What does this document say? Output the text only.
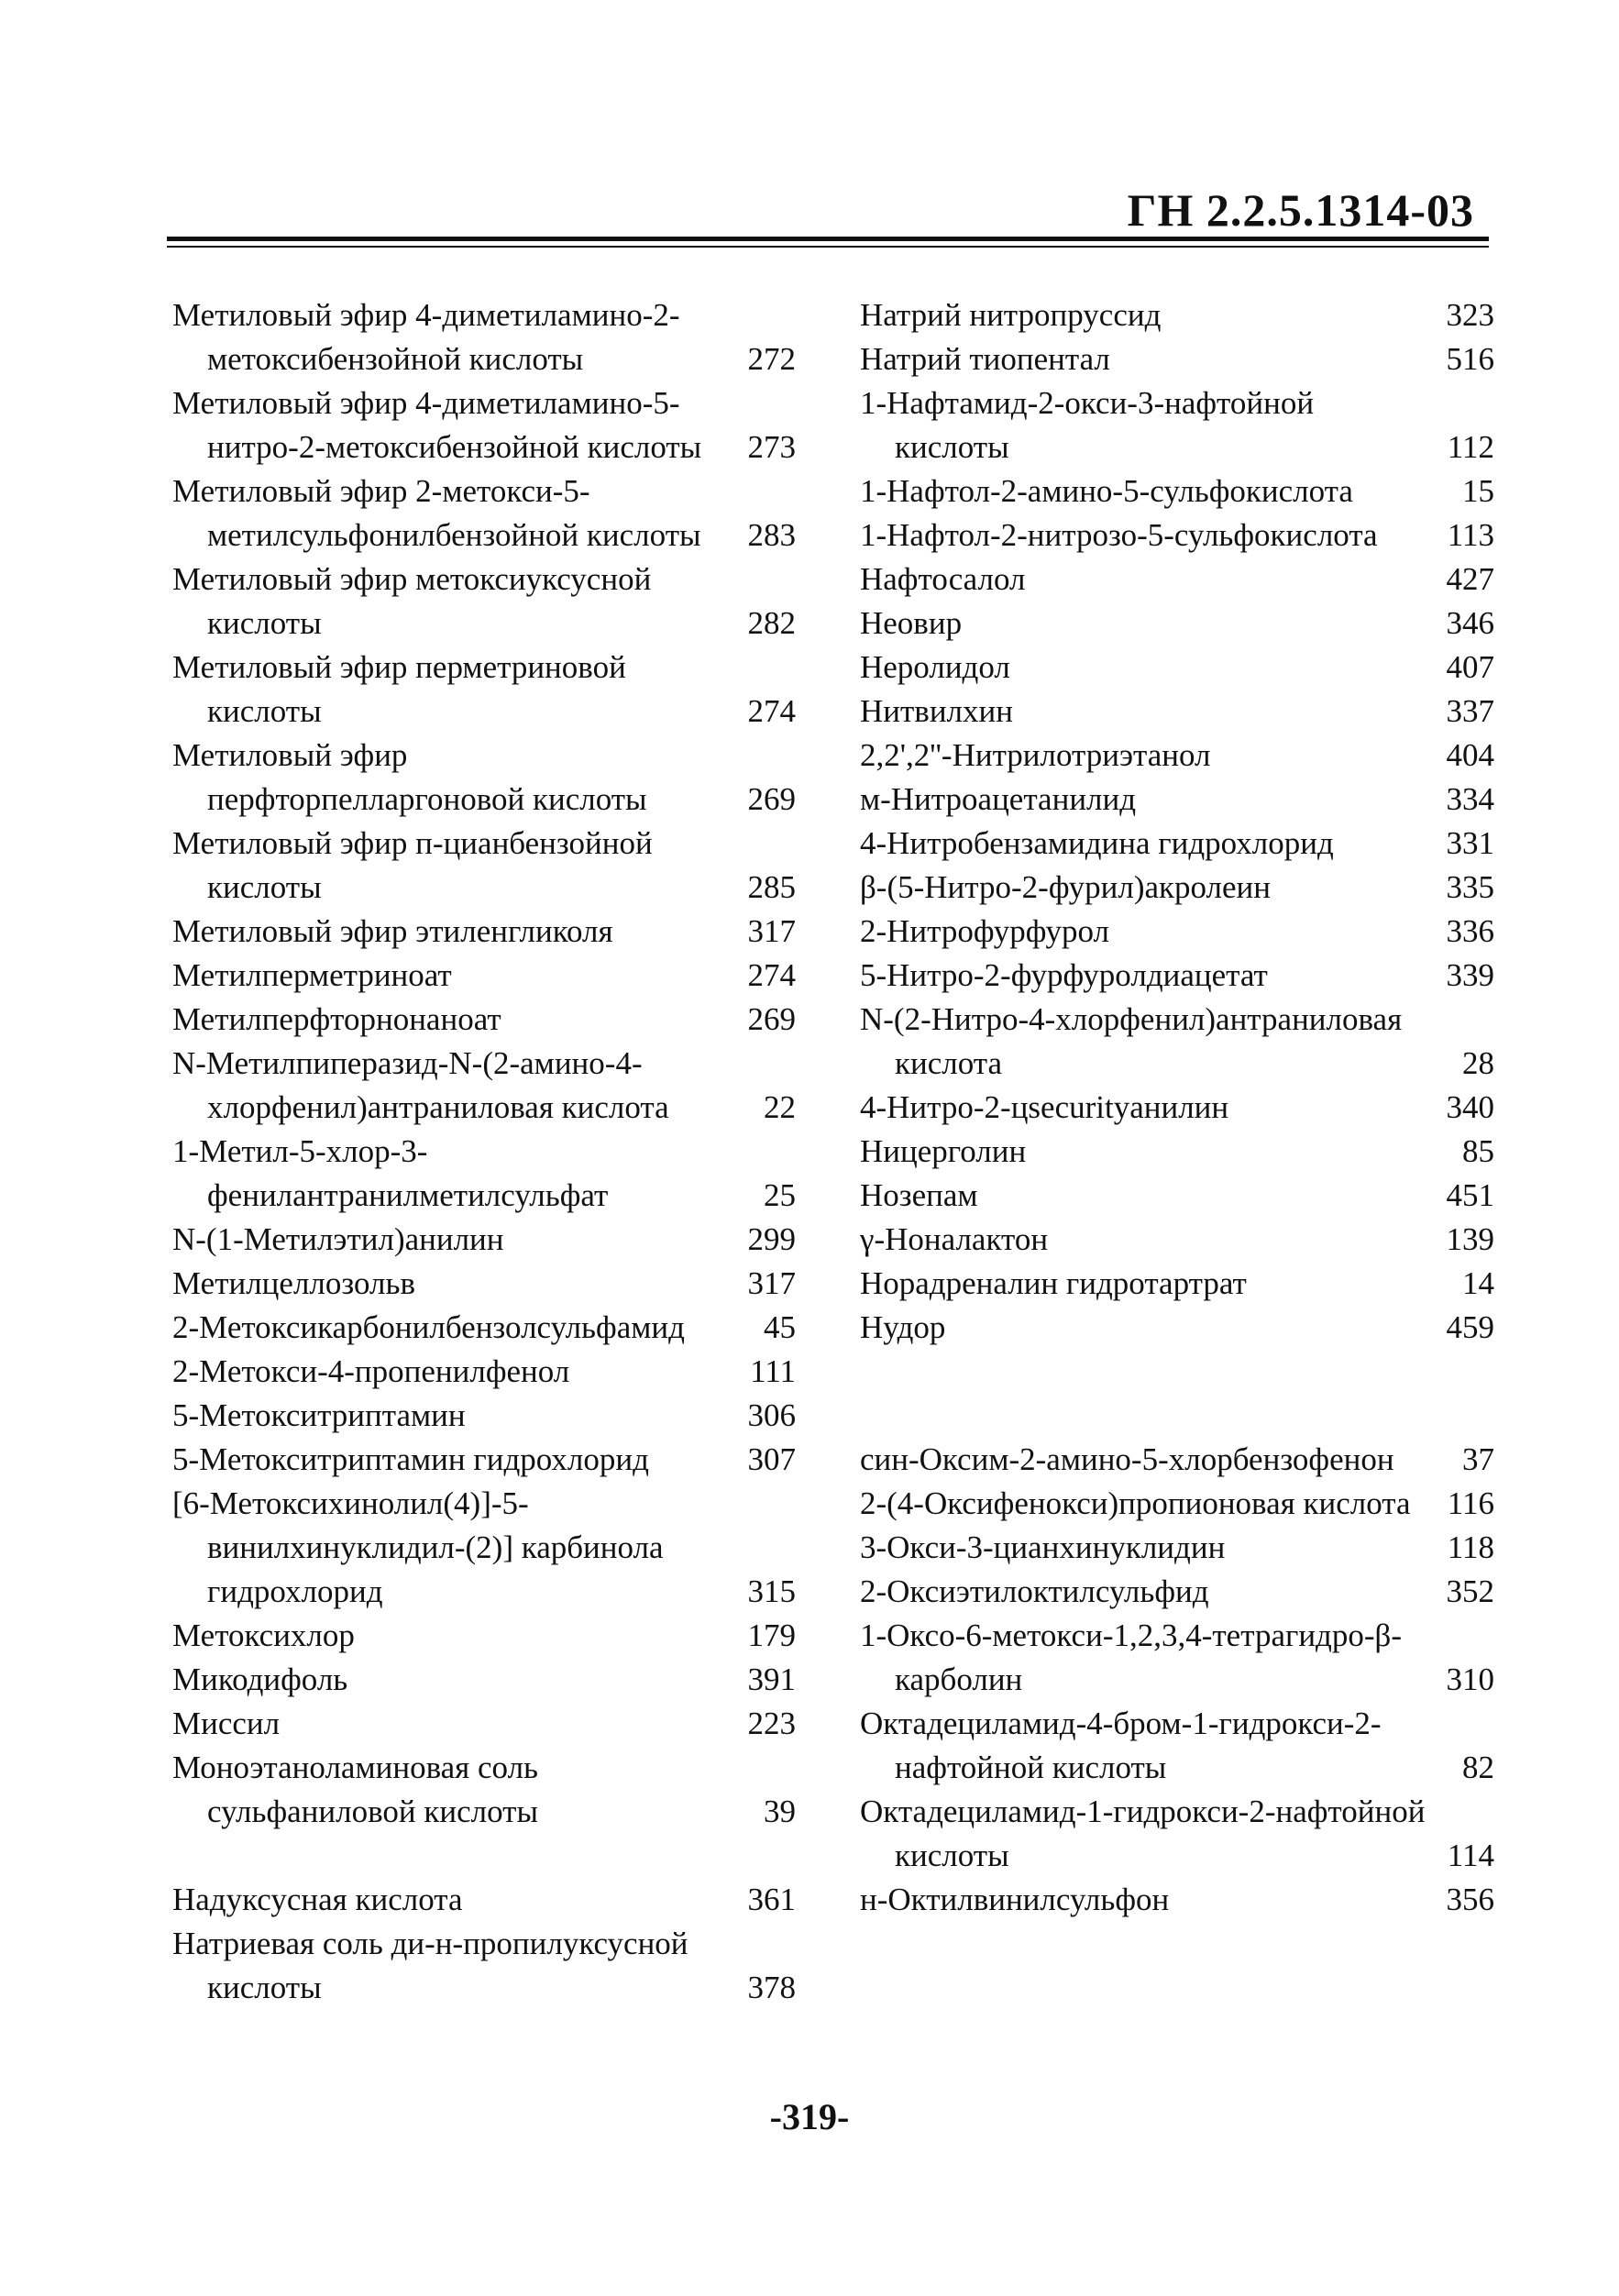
ГН 2.2.5.1314-03
Метиловый эфир 4-диметиламино-2-метоксибензойной кислоты	272
Метиловый эфир 4-диметиламино-5-нитро-2-метоксибензойной кислоты	273
Метиловый эфир 2-метокси-5-метилсульфонилбензойной кислоты	283
Метиловый эфир метоксиуксусной кислоты	282
Метиловый эфир перметриновой кислоты	274
Метиловый эфир перфторпелларгоновой кислоты	269
Метиловый эфир п-цианбензойной кислоты	285
Метиловый эфир этиленгликоля	317
Метилперметриноат	274
Метилперфторнонаноат	269
N-Метилпиперазид-N-(2-амино-4-хлорфенил)антраниловая кислота	22
1-Метил-5-хлор-3-фенилантранилметилсульфат	25
N-(1-Метилэтил)анилин	299
Метилцеллозольв	317
2-Метоксикарбонилбензолсульфамид	45
2-Метокси-4-пропенилфенол	111
5-Метокситриптамин	306
5-Метокситриптамин гидрохлорид	307
[6-Метоксихинолил(4)]-5-винилхинуклидил-(2)] карбинола гидрохлорид	315
Метоксихлор	179
Микодифоль	391
Миссил	223
Моноэтаноламиновая соль сульфаниловой кислоты	39
Надуксусная кислота	361
Натриевая соль ди-н-пропилуксусной кислоты	378
Натрий нитропруссид	323
Натрий тиопентал	516
1-Нафтамид-2-окси-3-нафтойной кислоты	112
1-Нафтол-2-амино-5-сульфокислота	15
1-Нафтол-2-нитрозо-5-сульфокислота	113
Нафтосалол	427
Неовир	346
Неролидол	407
Нитвилхин	337
2,2',2''-Нитрилотриэтанол	404
м-Нитроацетанилид	334
4-Нитробензамидина гидрохлорид	331
β-(5-Нитро-2-фурил)акролеин	335
2-Нитрофурфурол	336
5-Нитро-2-фурфуролдиацетат	339
N-(2-Нитро-4-хлорфенил)антраниловая кислота	28
4-Нитро-2-цsecurityанилин	340
Ницерголин	85
Нозепам	451
γ-Ноналактон	139
Норадреналин гидротартрат	14
Нудор	459
син-Оксим-2-амино-5-хлорбензофенон	37
2-(4-Оксифенокси)пропионовая кислота	116
3-Окси-3-цианхинуклидин	118
2-Оксиэтилоктилсульфид	352
1-Оксо-6-метокси-1,2,3,4-тетрагидро-β-карболин	310
Октадециламид-4-бром-1-гидрокси-2-нафтойной кислоты	82
Октадециламид-1-гидрокси-2-нафтойной кислоты	114
н-Октилвинилсульфон	356
-319-
